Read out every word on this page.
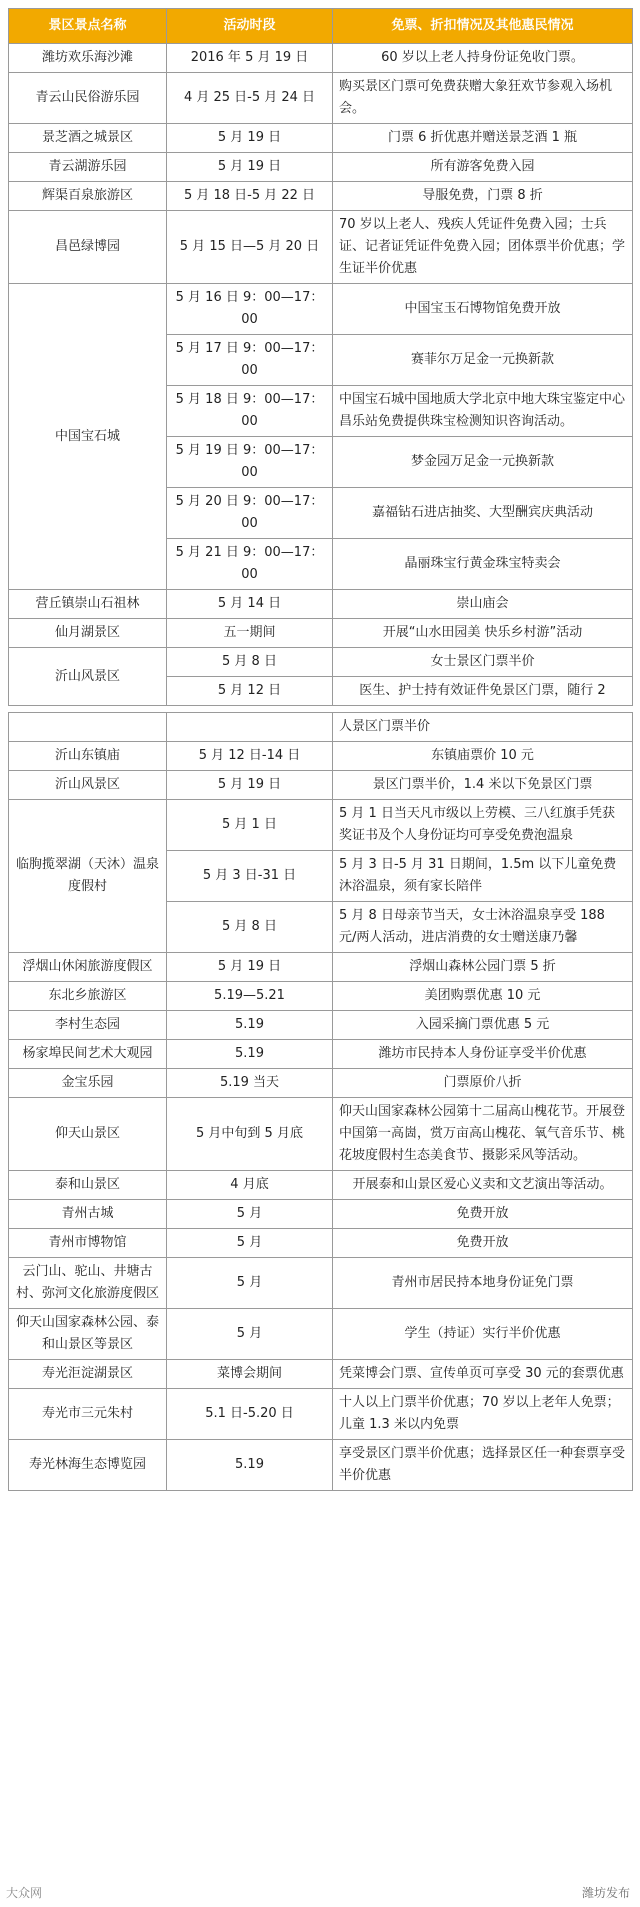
景区景点名称	活动时段	免票、折扣情况及其他惠民情况
潍坊欢乐海沙滩	2016 年 5 月 19 日	60 岁以上老人持身份证免收门票。
青云山民俗游乐园	4 月 25 日-5 月 24 日	购买景区门票可免费获赠大象狂欢节参观入场机会。
景芝酒之城景区	5 月 19 日	门票 6 折优惠并赠送景芝酒 1 瓶
青云湖游乐园	5 月 19 日	所有游客免费入园
辉渠百泉旅游区	5 月 18 日-5 月 22 日	导服免费，门票 8 折
昌邑绿博园	5 月 15 日—5 月 20 日	70 岁以上老人、残疾人凭证件免费入园；士兵证、记者证凭证件免费入园；团体票半价优惠；学生证半价优惠
中国宝石城	5 月 16 日 9：00—17：00	中国宝玉石博物馆免费开放
	5 月 17 日 9：00—17：00	赛菲尔万足金一元换新款
	5 月 18 日 9：00—17：00	中国宝石城中国地质大学北京中地大珠宝鉴定中心昌乐站免费提供珠宝检测知识咨询活动。
	5 月 19 日 9：00—17：00	梦金园万足金一元换新款
	5 月 20 日 9：00—17：00	嘉福钻石进店抽奖、大型酬宾庆典活动
	5 月 21 日 9：00—17：00	晶丽珠宝行黄金珠宝特卖会
营丘镇崇山石祖林	5 月 14 日	崇山庙会
仙月湖景区	五一期间	开展“山水田园美 快乐乡村游”活动
沂山风景区	5 月 8 日	女士景区门票半价
	5 月 12 日	医生、护士持有效证件免景区门票，随行 2

		人景区门票半价
沂山东镇庙	5 月 12 日-14 日	东镇庙票价 10 元
沂山风景区	5 月 19 日	景区门票半价，1.4 米以下免景区门票
临朐揽翠湖（天沐）温泉度假村	5 月 1 日	5 月 1 日当天凡市级以上劳模、三八红旗手凭获奖证书及个人身份证均可享受免费泡温泉
	5 月 3 日-31 日	5 月 3 日-5 月 31 日期间，1.5m 以下儿童免费沐浴温泉，须有家长陪伴
	5 月 8 日	5 月 8 日母亲节当天，女士沐浴温泉享受 188 元/两人活动，进店消费的女士赠送康乃馨
浮烟山休闲旅游度假区	5 月 19 日	浮烟山森林公园门票 5 折
东北乡旅游区	5.19—5.21	美团购票优惠 10 元
李村生态园	5.19	入园采摘门票优惠 5 元
杨家埠民间艺术大观园	5.19	潍坊市民持本人身份证享受半价优惠
金宝乐园	5.19 当天	门票原价八折
仰天山景区	5 月中旬到 5 月底	仰天山国家森林公园第十二届高山槐花节。开展登中国第一高崮，赏万亩高山槐花、氧气音乐节、桃花坡度假村生态美食节、摄影采风等活动。
泰和山景区	4 月底	开展泰和山景区爱心义卖和文艺演出等活动。
青州古城	5 月	免费开放
青州市博物馆	5 月	免费开放
云门山、驼山、井塘古村、弥河文化旅游度假区	5 月	青州市居民持本地身份证免门票
仰天山国家森林公园、泰和山景区等景区	5 月	学生（持证）实行半价优惠
寿光洰淀湖景区	菜博会期间	凭菜博会门票、宣传单页可享受 30 元的套票优惠
寿光市三元朱村	5.1 日-5.20 日	十人以上门票半价优惠；70 岁以上老年人免票；儿童 1.3 米以内免票
寿光林海生态博览园	5.19	享受景区门票半价优惠；选择景区任一种套票享受半价优惠
大众网	潍坊发布
